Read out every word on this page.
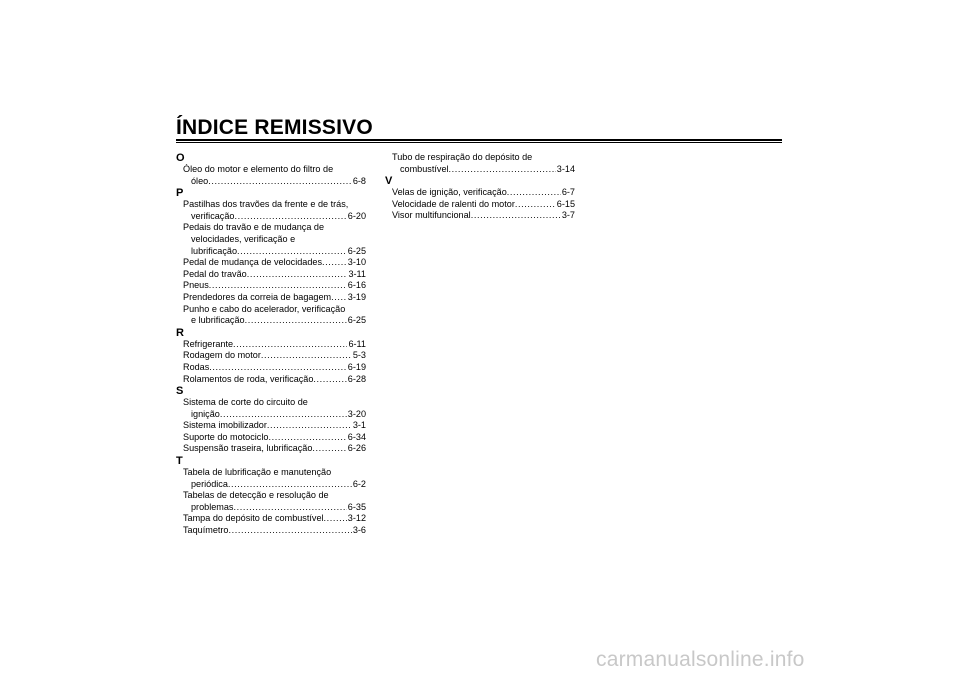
ÍNDICE REMISSIVO
O
Óleo do motor e elemento do filtro de
óleo .....	6-8
P
Pastilhas dos travões da frente e de trás,
verificação .....	6-20
Pedais do travão e de mudança de
velocidades, verificação e
lubrificação .....	6-25
Pedal de mudança de velocidades .....	3-10
Pedal do travão .....	3-11
Pneus .....	6-16
Prendedores da correia de bagagem ..... 3-19
Punho e cabo do acelerador, verificação
e lubrificação .....	6-25
R
Refrigerante .....	6-11
Rodagem do motor .....	5-3
Rodas .....	6-19
Rolamentos de roda, verificação .....	6-28
S
Sistema de corte do circuito de
ignição .....	3-20
Sistema imobilizador .....	3-1
Suporte do motociclo .....	6-34
Suspensão traseira, lubrificação .....	6-26
T
Tabela de lubrificação e manutenção
periódica .....	6-2
Tabelas de detecção e resolução de
problemas .....	6-35
Tampa do depósito de combustível .....	3-12
Taquímetro .....	3-6
Tubo de respiração do depósito de
combustível .....	3-14
V
Velas de ignição, verificação .....	6-7
Velocidade de ralenti do motor .....	6-15
Visor multifuncional .....	3-7
carmanualsonline.info
